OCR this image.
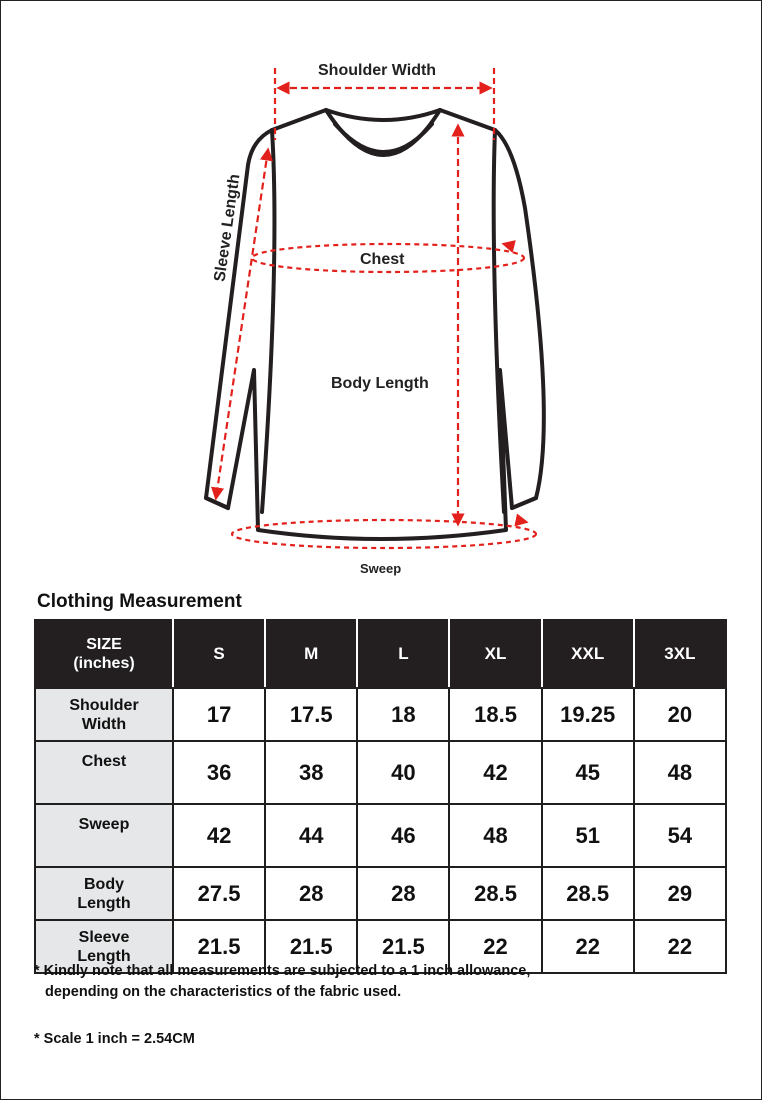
Shoulder Width
Chest
Body Length
Sleeve Length
Sweep
Clothing Measurement
SIZE
(inches)	S	M	L	XL	XXL	3XL
Shoulder
Width	17	17.5	18	18.5	19.25	20
Chest	36	38	40	42	45	48
Sweep	42	44	46	48	51	54
Body
Length	27.5	28	28	28.5	28.5	29
Sleeve
Length	21.5	21.5	21.5	22	22	22
* Kindly note that all measurements are subjected to a 1 inch allowance,
depending on the characteristics of the fabric used.
* Scale 1 inch = 2.54CM
